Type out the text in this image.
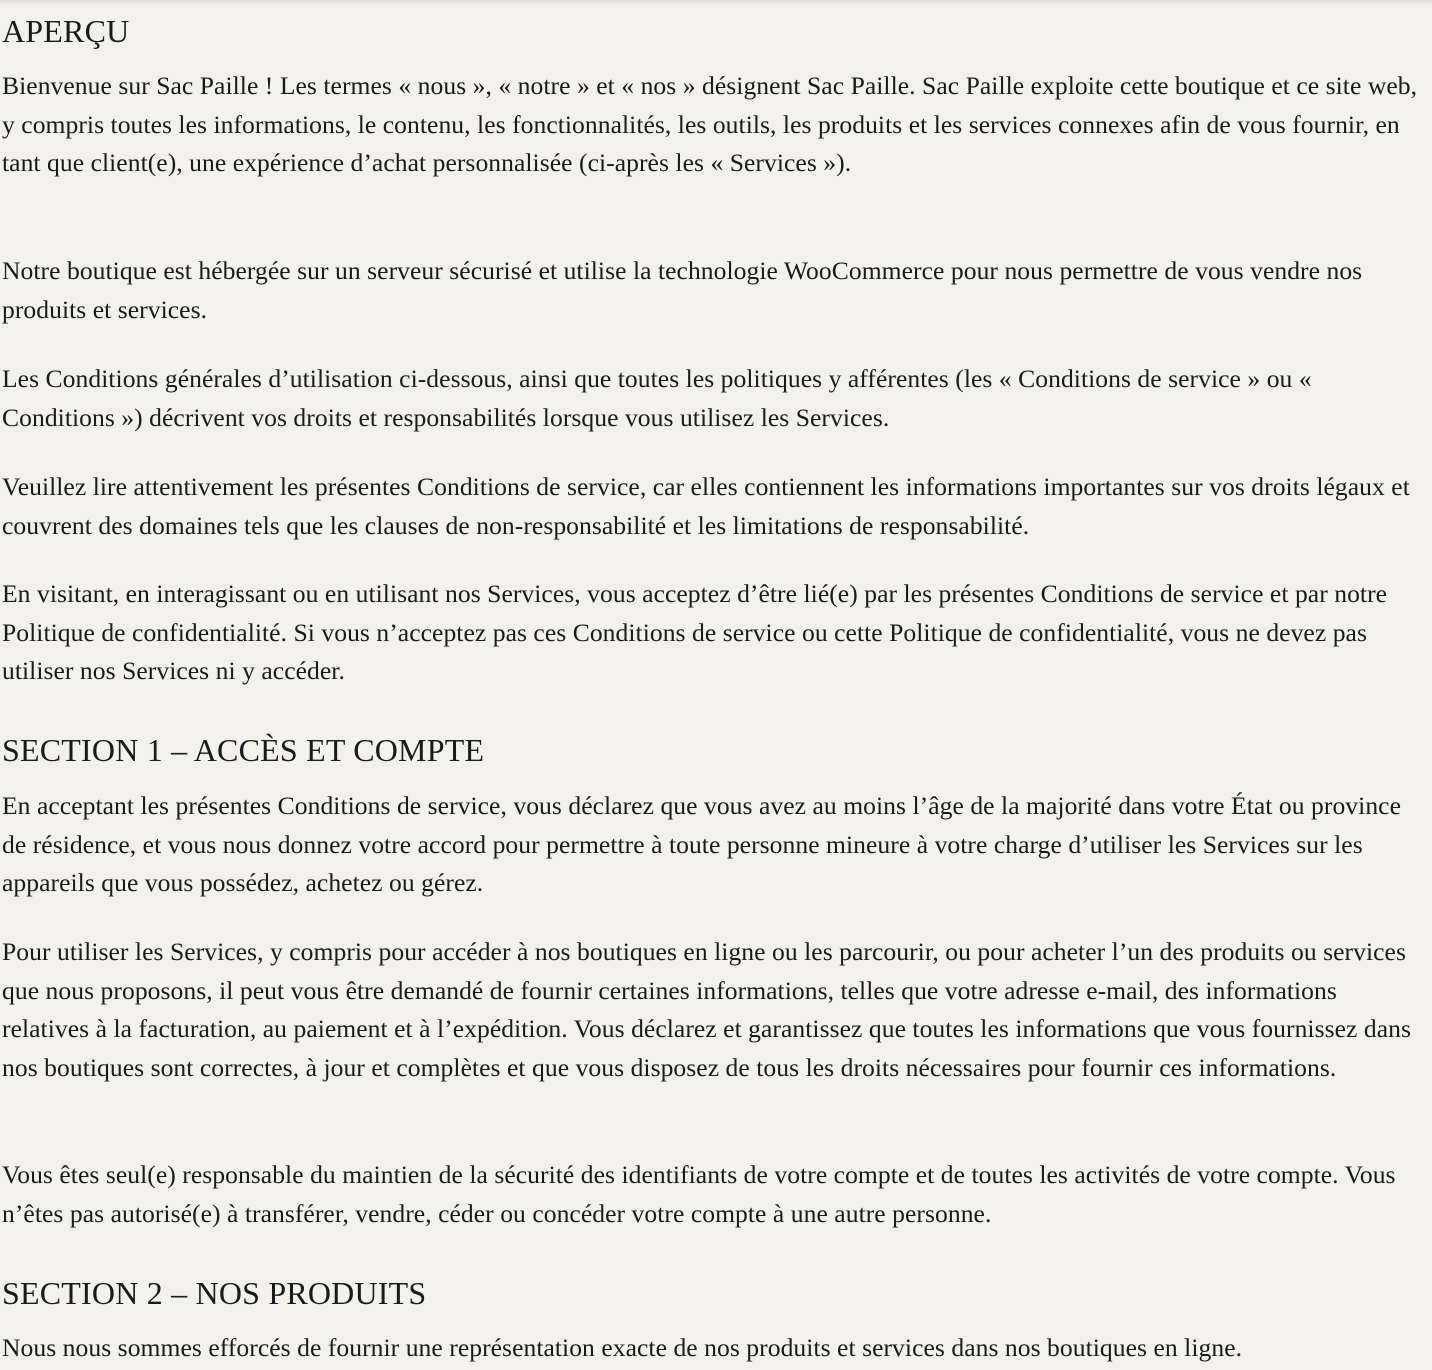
APERÇU

Bienvenue sur Sac Paille ! Les termes « nous », « notre » et « nos » désignent Sac Paille. Sac Paille exploite cette boutique et ce site web, y compris toutes les informations, le contenu, les fonctionnalités, les outils, les produits et les services connexes afin de vous fournir, en tant que client(e), une expérience d’achat personnalisée (ci-après les « Services »).

Notre boutique est hébergée sur un serveur sécurisé et utilise la technologie WooCommerce pour nous permettre de vous vendre nos produits et services.

Les Conditions générales d’utilisation ci-dessous, ainsi que toutes les politiques y afférentes (les « Conditions de service » ou « Conditions ») décrivent vos droits et responsabilités lorsque vous utilisez les Services.

Veuillez lire attentivement les présentes Conditions de service, car elles contiennent les informations importantes sur vos droits légaux et couvrent des domaines tels que les clauses de non-responsabilité et les limitations de responsabilité.

En visitant, en interagissant ou en utilisant nos Services, vous acceptez d’être lié(e) par les présentes Conditions de service et par notre Politique de confidentialité. Si vous n’acceptez pas ces Conditions de service ou cette Politique de confidentialité, vous ne devez pas utiliser nos Services ni y accéder.

SECTION 1 – ACCÈS ET COMPTE

En acceptant les présentes Conditions de service, vous déclarez que vous avez au moins l’âge de la majorité dans votre État ou province de résidence, et vous nous donnez votre accord pour permettre à toute personne mineure à votre charge d’utiliser les Services sur les appareils que vous possédez, achetez ou gérez.

Pour utiliser les Services, y compris pour accéder à nos boutiques en ligne ou les parcourir, ou pour acheter l’un des produits ou services que nous proposons, il peut vous être demandé de fournir certaines informations, telles que votre adresse e-mail, des informations relatives à la facturation, au paiement et à l’expédition. Vous déclarez et garantissez que toutes les informations que vous fournissez dans nos boutiques sont correctes, à jour et complètes et que vous disposez de tous les droits nécessaires pour fournir ces informations.

Vous êtes seul(e) responsable du maintien de la sécurité des identifiants de votre compte et de toutes les activités de votre compte. Vous n’êtes pas autorisé(e) à transférer, vendre, céder ou concéder votre compte à une autre personne.

SECTION 2 – NOS PRODUITS

Nous nous sommes efforcés de fournir une représentation exacte de nos produits et services dans nos boutiques en ligne.
